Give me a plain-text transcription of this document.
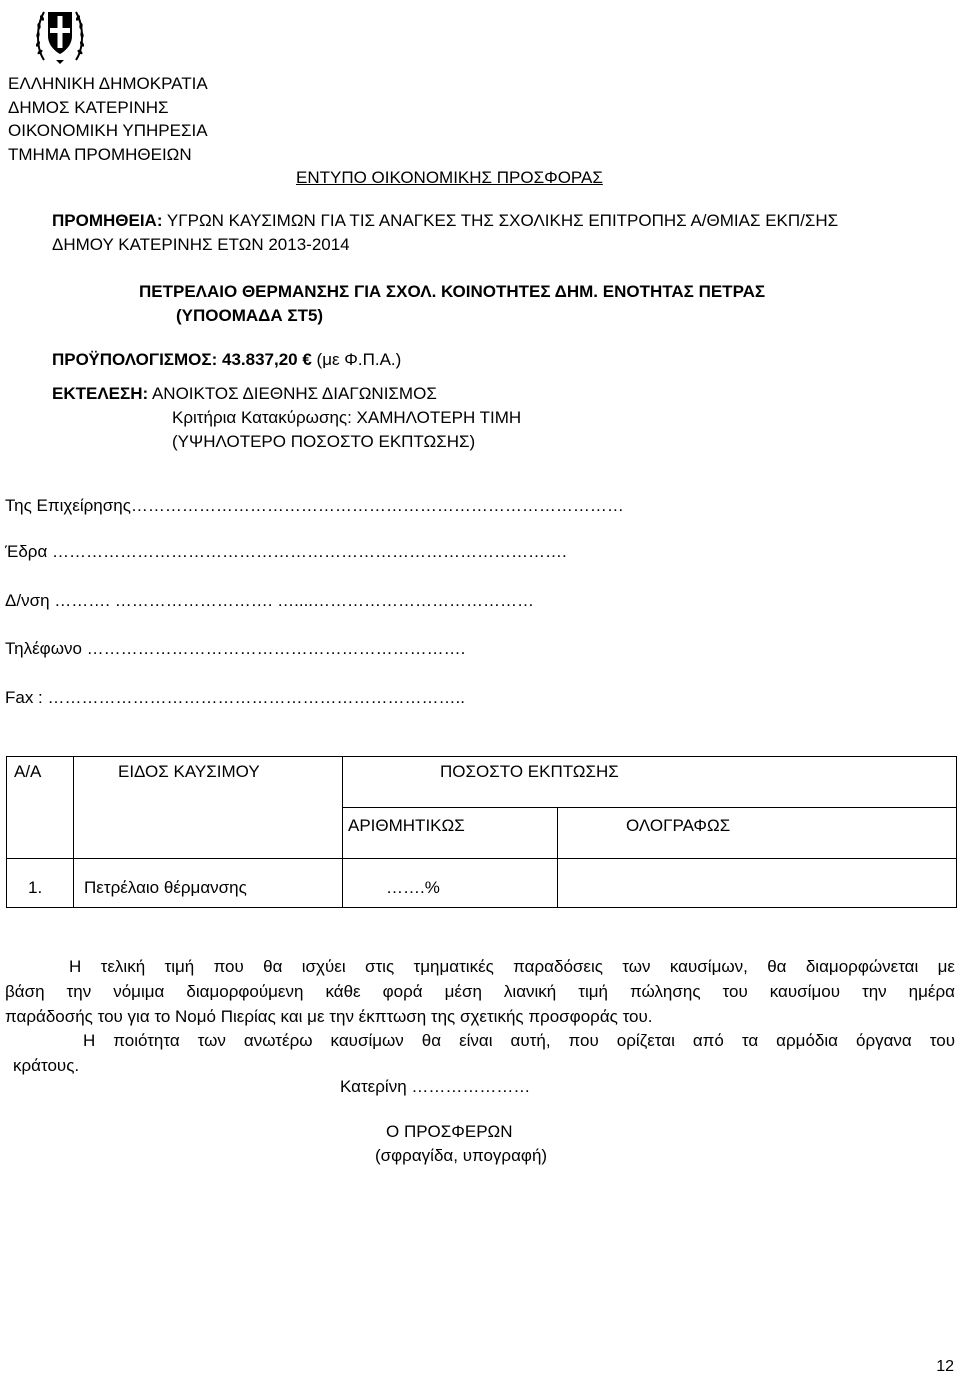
ΕΛΛΗΝΙΚΗ ΔΗΜΟΚΡΑΤΙΑ
ΔΗΜΟΣ ΚΑΤΕΡΙΝΗΣ
ΟΙΚΟΝΟΜΙΚΗ ΥΠΗΡΕΣΙΑ
ΤΜΗΜΑ ΠΡΟΜΗΘΕΙΩΝ
ΕΝΤΥΠΟ ΟΙΚΟΝΟΜΙΚΗΣ ΠΡΟΣΦΟΡΑΣ
ΠΡΟΜΗΘΕΙΑ: ΥΓΡΩΝ ΚΑΥΣΙΜΩΝ ΓΙΑ ΤΙΣ ΑΝΑΓΚΕΣ ΤΗΣ ΣΧΟΛΙΚΗΣ ΕΠΙΤΡΟΠΗΣ Α/ΘΜΙΑΣ ΕΚΠ/ΣΗΣ
ΔΗΜΟΥ ΚΑΤΕΡΙΝΗΣ ΕΤΩΝ 2013-2014
ΠΕΤΡΕΛΑΙΟ ΘΕΡΜΑΝΣΗΣ ΓΙΑ ΣΧΟΛ. ΚΟΙΝΟΤΗΤΕΣ ΔΗΜ. ΕΝΟΤΗΤΑΣ ΠΕΤΡΑΣ
(ΥΠΟΟΜΑΔΑ ΣΤ5)
ΠΡΟΫΠΟΛΟΓΙΣΜΟΣ: 43.837,20 € (με Φ.Π.Α.)
ΕΚΤΕΛΕΣΗ: ΑΝΟΙΚΤΟΣ ΔΙΕΘΝΗΣ ΔΙΑΓΩΝΙΣΜΟΣ
Κριτήρια Κατακύρωσης: ΧΑΜΗΛΟΤΕΡΗ ΤΙΜΗ
(ΥΨΗΛΟΤΕΡΟ ΠΟΣΟΣΤΟ ΕΚΠΤΩΣΗΣ)
Της Επιχείρησης……………………………………………………………………………
Έδρα ……………………………………………………………………………….
Δ/νση ………. ………………………. …....…………………………………
Τηλέφωνο ………………………………………………………….
Fax : ………………………………………………………………..
Α/Α	ΕΙΔΟΣ ΚΑΥΣΙΜΟΥ	ΠΟΣΟΣΤΟ ΕΚΠΤΩΣΗΣ
ΑΡΙΘΜΗΤΙΚΩΣ	ΟΛΟΓΡΑΦΩΣ
1. Πετρέλαιο θέρμανσης	…….%
Η τελική τιμή που θα ισχύει στις τμηματικές παραδόσεις των καυσίμων, θα διαμορφώνεται με
βάση την νόμιμα διαμορφούμενη κάθε φορά μέση λιανική τιμή πώλησης του καυσίμου την ημέρα
παράδοσής του για το Νομό Πιερίας και με την έκπτωση της σχετικής προσφοράς του.
Η ποιότητα των ανωτέρω καυσίμων θα είναι αυτή, που ορίζεται από τα αρμόδια όργανα του
κράτους.
Κατερίνη …………………
Ο ΠΡΟΣΦΕΡΩΝ
(σφραγίδα, υπογραφή)
12
